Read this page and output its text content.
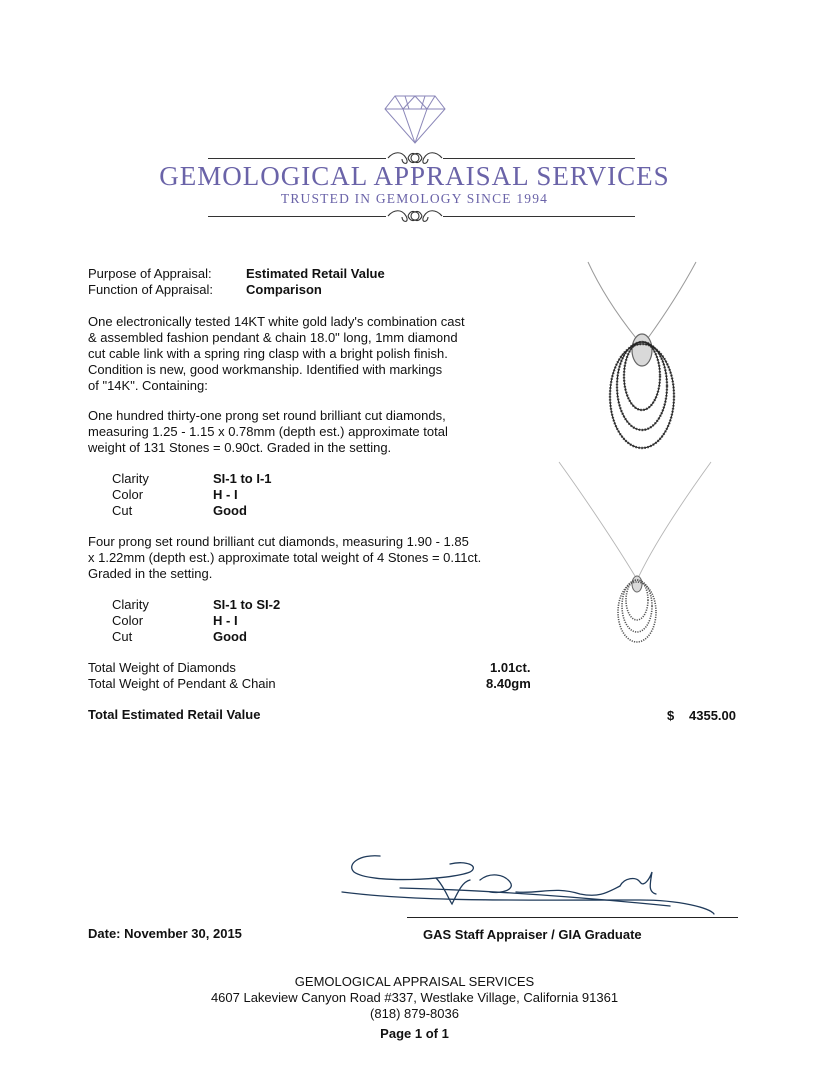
GEMOLOGICAL APPRAISAL SERVICES
TRUSTED IN GEMOLOGY SINCE 1994
Purpose of Appraisal:	Estimated Retail Value
Function of Appraisal:	Comparison
One electronically tested 14KT white gold lady's combination cast
& assembled fashion pendant & chain 18.0" long, 1mm diamond
cut cable link with a spring ring clasp with a bright polish finish.
Condition is new, good workmanship. Identified with markings
of "14K". Containing:
One hundred thirty-one prong set round brilliant cut diamonds,
measuring 1.25 - 1.15 x 0.78mm (depth est.) approximate total
weight of 131 Stones = 0.90ct. Graded in the setting.
Clarity	SI-1 to I-1
Color	H - I
Cut	Good
Four prong set round brilliant cut diamonds, measuring 1.90 - 1.85
x 1.22mm (depth est.) approximate total weight of 4 Stones = 0.11ct.
Graded in the setting.
Clarity	SI-1 to SI-2
Color	H - I
Cut	Good
Total Weight of Diamonds	1.01ct.
Total Weight of Pendant & Chain	8.40gm
Total Estimated Retail Value	$ 4355.00
Date: November 30, 2015	GAS Staff Appraiser / GIA Graduate
GEMOLOGICAL APPRAISAL SERVICES
4607 Lakeview Canyon Road #337, Westlake Village, California 91361
(818) 879-8036
Page 1 of 1
